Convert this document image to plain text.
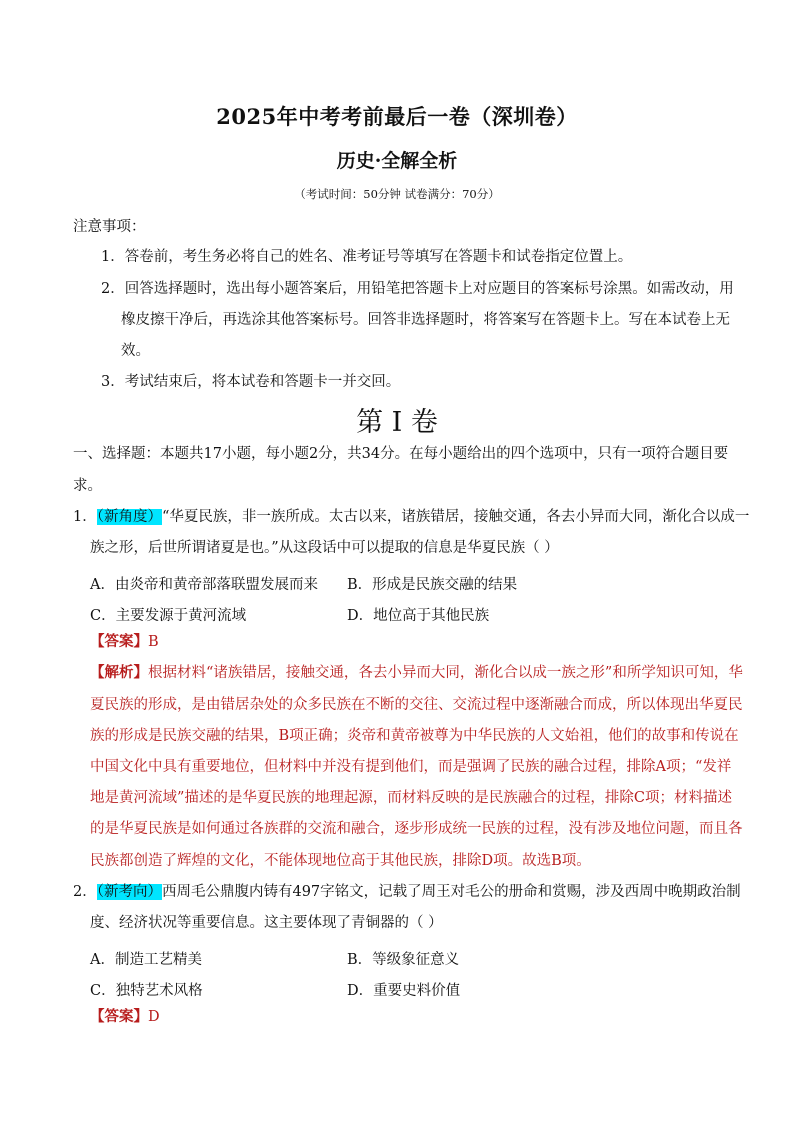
2025年中考考前最后一卷（深圳卷）
历史·全解全析
（考试时间：50分钟 试卷满分：70分）
注意事项：
1．答卷前，考生务必将自己的姓名、准考证号等填写在答题卡和试卷指定位置上。
2．回答选择题时，选出每小题答案后，用铅笔把答题卡上对应题目的答案标号涂黑。如需改动，用
橡皮擦干净后，再选涂其他答案标号。回答非选择题时，将答案写在答题卡上。写在本试卷上无
效。
3．考试结束后，将本试卷和答题卡一并交回。
第 I 卷
一、选择题：本题共17小题，每小题2分，共34分。在每小题给出的四个选项中，只有一项符合题目要
求。
1．（新角度）“华夏民族，非一族所成。太古以来，诸族错居，接触交通，各去小异而大同，渐化合以成一
族之形，后世所谓诸夏是也。”从这段话中可以提取的信息是华夏民族（ ）
A．由炎帝和黄帝部落联盟发展而来 B．形成是民族交融的结果
C．主要发源于黄河流域	D．地位高于其他民族
【答案】B
【解析】根据材料“诸族错居，接触交通，各去小异而大同，渐化合以成一族之形”和所学知识可知，华
夏民族的形成，是由错居杂处的众多民族在不断的交往、交流过程中逐渐融合而成，所以体现出华夏民
族的形成是民族交融的结果，B项正确；炎帝和黄帝被尊为中华民族的人文始祖，他们的故事和传说在
中国文化中具有重要地位，但材料中并没有提到他们，而是强调了民族的融合过程，排除A项；“发祥
地是黄河流域”描述的是华夏民族的地理起源，而材料反映的是民族融合的过程，排除C项；材料描述
的是华夏民族是如何通过各族群的交流和融合，逐步形成统一民族的过程，没有涉及地位问题，而且各
民族都创造了辉煌的文化，不能体现地位高于其他民族，排除D项。故选B项。
2．（新考向）西周毛公鼎腹内铸有497字铭文，记载了周王对毛公的册命和赏赐，涉及西周中晚期政治制
度、经济状况等重要信息。这主要体现了青铜器的（ ）
A．制造工艺精美	B．等级象征意义
C．独特艺术风格	D．重要史料价值
【答案】D
